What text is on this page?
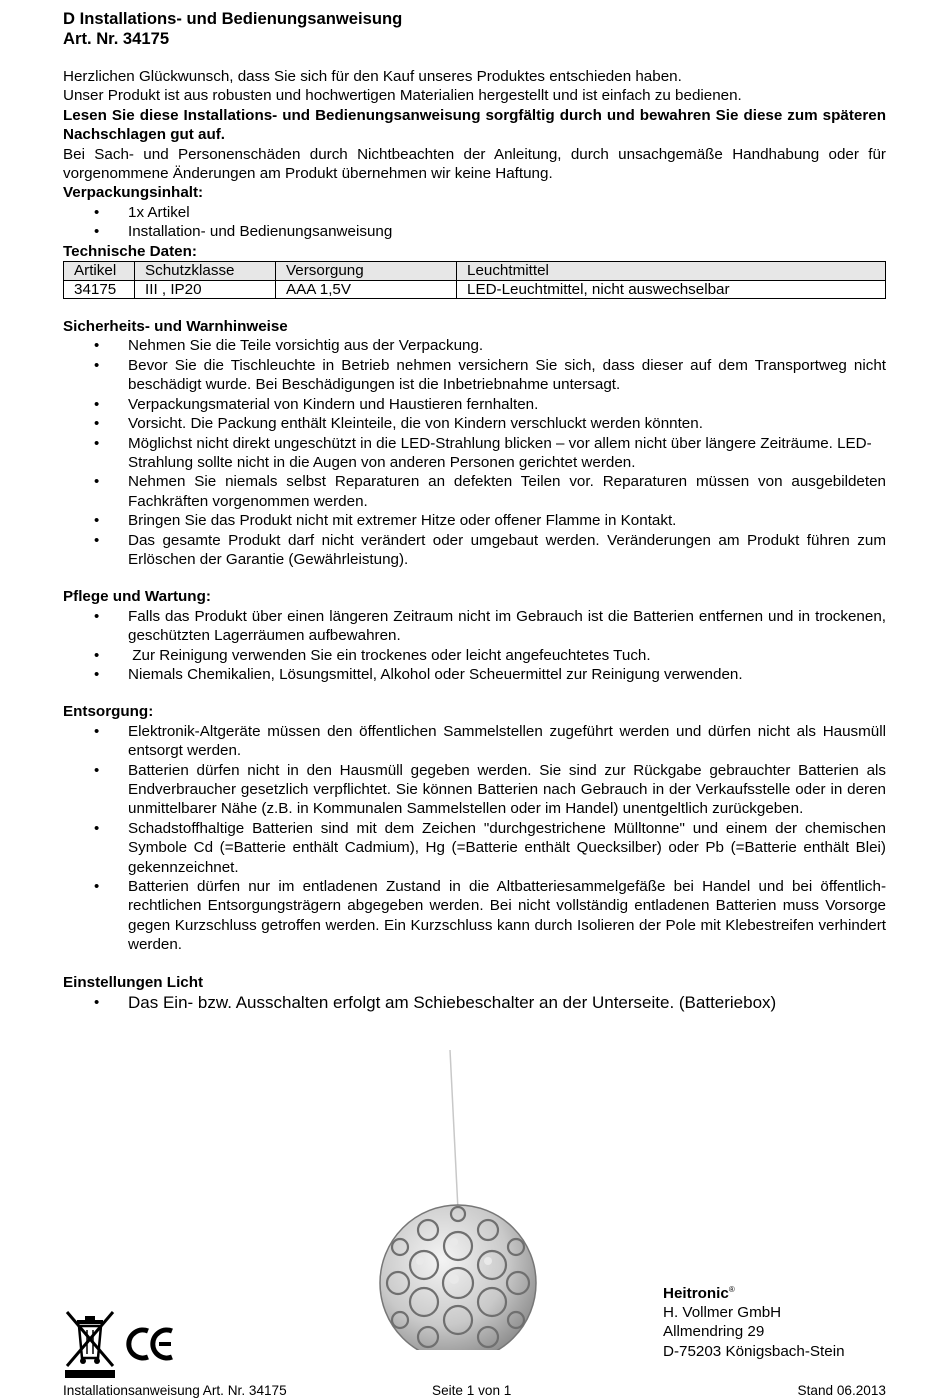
D Installations- und Bedienungsanweisung
Art. Nr. 34175
Herzlichen Glückwunsch, dass Sie sich für den Kauf unseres Produktes entschieden haben.
Unser Produkt ist aus robusten und hochwertigen Materialien hergestellt und ist einfach zu bedienen.
Lesen Sie diese Installations- und Bedienungsanweisung sorgfältig durch und bewahren Sie diese zum späteren Nachschlagen gut auf.
Bei Sach- und Personenschäden durch Nichtbeachten der Anleitung, durch unsachgemäße Handhabung oder für vorgenommene Änderungen am Produkt übernehmen wir keine Haftung.
Verpackungsinhalt:
• 1x Artikel
• Installation- und Bedienungsanweisung
Technische Daten:
Artikel	Schutzklasse	Versorgung	Leuchtmittel
34175	III , IP20	AAA 1,5V	LED-Leuchtmittel, nicht auswechselbar
Sicherheits- und Warnhinweise
• Nehmen Sie die Teile vorsichtig aus der Verpackung.
• Bevor Sie die Tischleuchte in Betrieb nehmen versichern Sie sich, dass dieser auf dem Transportweg nicht beschädigt wurde. Bei Beschädigungen ist die Inbetriebnahme untersagt.
• Verpackungsmaterial von Kindern und Haustieren fernhalten.
• Vorsicht. Die Packung enthält Kleinteile, die von Kindern verschluckt werden könnten.
• Möglichst nicht direkt ungeschützt in die LED-Strahlung blicken – vor allem nicht über längere Zeiträume. LED-Strahlung sollte nicht in die Augen von anderen Personen gerichtet werden.
• Nehmen Sie niemals selbst Reparaturen an defekten Teilen vor. Reparaturen müssen von ausgebildeten Fachkräften vorgenommen werden.
• Bringen Sie das Produkt nicht mit extremer Hitze oder offener Flamme in Kontakt.
• Das gesamte Produkt darf nicht verändert oder umgebaut werden. Veränderungen am Produkt führen zum Erlöschen der Garantie (Gewährleistung).
Pflege und Wartung:
• Falls das Produkt über einen längeren Zeitraum nicht im Gebrauch ist die Batterien entfernen und in trockenen, geschützten Lagerräumen aufbewahren.
•  Zur Reinigung verwenden Sie ein trockenes oder leicht angefeuchtetes Tuch.
• Niemals Chemikalien, Lösungsmittel, Alkohol oder Scheuermittel zur Reinigung verwenden.
Entsorgung:
• Elektronik-Altgeräte müssen den öffentlichen Sammelstellen zugeführt werden und dürfen nicht als Hausmüll entsorgt werden.
• Batterien dürfen nicht in den Hausmüll gegeben werden. Sie sind zur Rückgabe gebrauchter Batterien als Endverbraucher gesetzlich verpflichtet. Sie können Batterien nach Gebrauch in der Verkaufsstelle oder in deren unmittelbarer Nähe (z.B. in Kommunalen Sammelstellen oder im Handel) unentgeltlich zurückgeben.
• Schadstoffhaltige Batterien sind mit dem Zeichen "durchgestrichene Mülltonne" und einem der chemischen Symbole Cd (=Batterie enthält Cadmium), Hg (=Batterie enthält Quecksilber) oder Pb (=Batterie enthält Blei) gekennzeichnet.
• Batterien dürfen nur im entladenen Zustand in die Altbatteriesammelgefäße bei Handel und bei öffentlich-rechtlichen Entsorgungsträgern abgegeben werden. Bei nicht vollständig entladenen Batterien muss Vorsorge gegen Kurzschluss getroffen werden. Ein Kurzschluss kann durch Isolieren der Pole mit Klebestreifen verhindert werden.
Einstellungen Licht
• Das Ein- bzw. Ausschalten erfolgt am Schiebeschalter an der Unterseite. (Batteriebox)
Heitronic®
H. Vollmer GmbH
Allmendring 29
D-75203 Königsbach-Stein
Installationsanweisung Art. Nr. 34175	Seite 1 von 1	Stand 06.2013
